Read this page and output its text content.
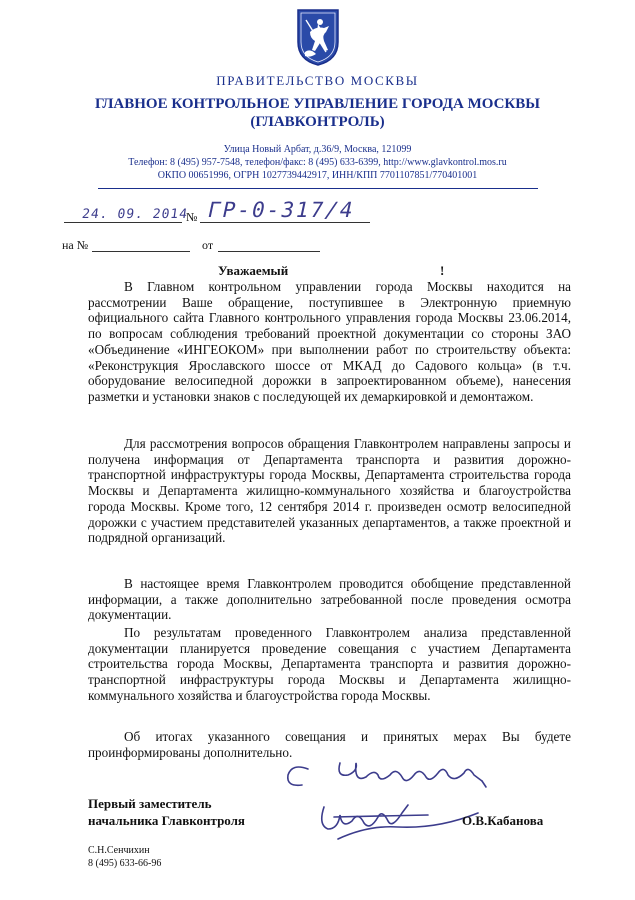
ПРАВИТЕЛЬСТВО МОСКВЫ
ГЛАВНОЕ КОНТРОЛЬНОЕ УПРАВЛЕНИЕ ГОРОДА МОСКВЫ
(ГЛАВКОНТРОЛЬ)
Улица Новый Арбат, д.36/9, Москва, 121099
Телефон: 8 (495) 957-7548, телефон/факс: 8 (495) 633-6399, http://www.glavkontrol.mos.ru
ОКПО 00651996, ОГРН 1027739442917, ИНН/КПП 7701107851/770401001
24. 09. 2014
№ ГР-0-317/4
на №	от
Уважаемый	!

В Главном контрольном управлении города Москвы находится на рассмотрении Ваше обращение, поступившее в Электронную приемную официального сайта Главного контрольного управления города Москвы 23.06.2014, по вопросам соблюдения требований проектной документации со стороны ЗАО «Объединение «ИНГЕОКОМ» при выполнении работ по строительству объекта: «Реконструкция Ярославского шоссе от МКАД до Садового кольца» (в т.ч. оборудование велосипедной дорожки в запроектированном объеме), нанесения разметки и установки знаков с последующей их демаркировкой и демонтажом.

Для рассмотрения вопросов обращения Главконтролем направлены запросы и получена информация от Департамента транспорта и развития дорожно-транспортной инфраструктуры города Москвы, Департамента строительства города Москвы и Департамента жилищно-коммунального хозяйства и благоустройства города Москвы. Кроме того, 12 сентября 2014 г. произведен осмотр велосипедной дорожки с участием представителей указанных департаментов, а также проектной и подрядной организаций.

В настоящее время Главконтролем проводится обобщение представленной информации, а также дополнительно затребованной после проведения осмотра документации.

По результатам проведенного Главконтролем анализа представленной документации планируется проведение совещания с участием Департамента строительства города Москвы, Департамента транспорта и развития дорожно-транспортной инфраструктуры города Москвы и Департамента жилищно-коммунального хозяйства и благоустройства города Москвы.

Об итогах указанного совещания и принятых мерах Вы будете проинформированы дополнительно.

Первый заместитель
начальника Главконтроля	О.В.Кабанова
С.Н.Сенчихин
8 (495) 633-66-96
